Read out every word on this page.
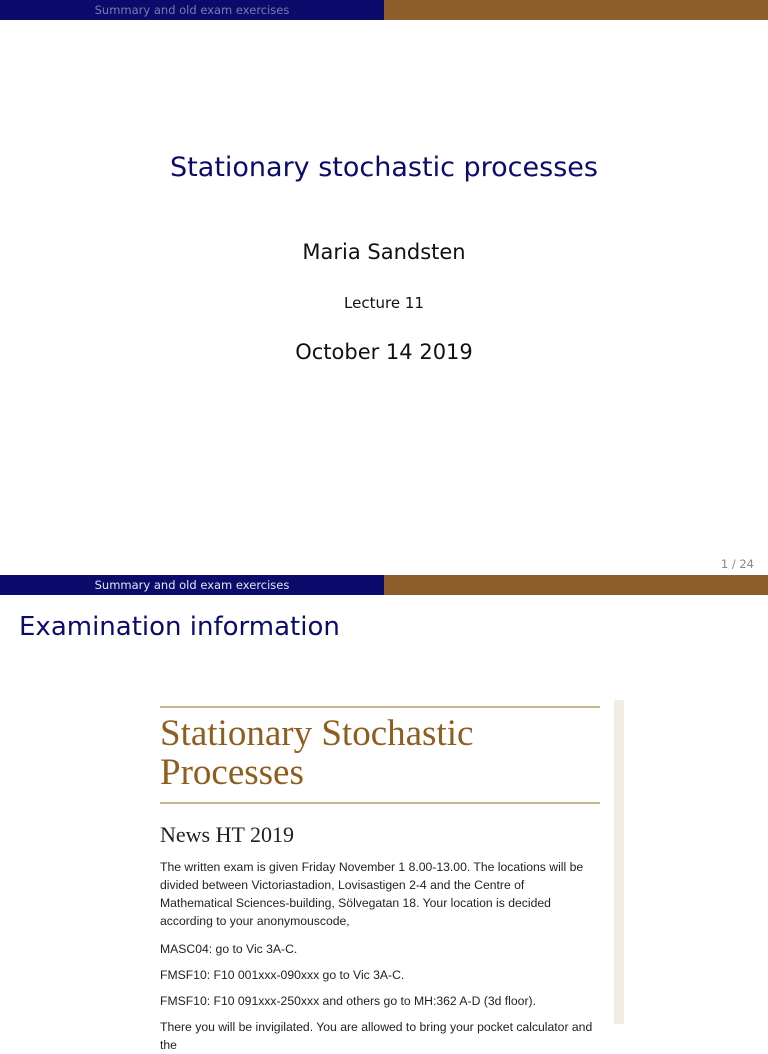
Summary and old exam exercises
Stationary stochastic processes
Maria Sandsten
Lecture 11
October 14 2019
1 / 24
Summary and old exam exercises
Examination information
Stationary Stochastic Processes
News HT 2019

The written exam is given Friday November 1 8.00-13.00. The locations will be divided between Victoriastadion, Lovisastigen 2-4 and the Centre of Mathematical Sciences-building, Sölvegatan 18. Your location is decided according to your anonymouscode,

MASC04: go to Vic 3A-C.

FMSF10: F10 001xxx-090xxx go to Vic 3A-C.

FMSF10: F10 091xxx-250xxx and others go to MH:362 A-D (3d floor).

There you will be invigilated. You are allowed to bring your pocket calculator and the
